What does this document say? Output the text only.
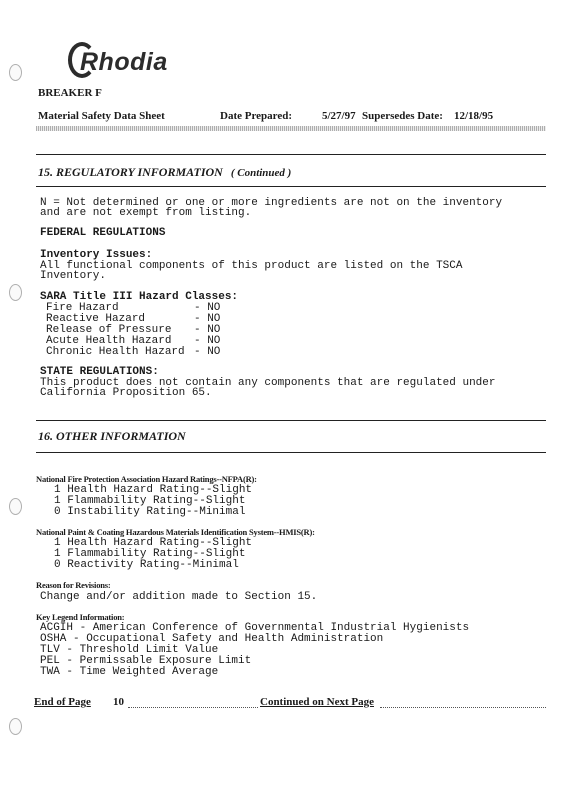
Rhodia
BREAKER F
Material Safety Data Sheet	Date Prepared:	5/27/97 Supersedes Date: 12/18/95
15. REGULATORY INFORMATION ( Continued )
N = Not determined or one or more ingredients are not on the inventory
and are not exempt from listing.
FEDERAL REGULATIONS
Inventory Issues:
All functional components of this product are listed on the TSCA
Inventory.
SARA Title III Hazard Classes:
Fire Hazard	- NO
Reactive Hazard	- NO
Release of Pressure - NO
Acute Health Hazard - NO
Chronic Health Hazard - NO
STATE REGULATIONS:
This product does not contain any components that are regulated under
California Proposition 65.
16. OTHER INFORMATION
National Fire Protection Association Hazard Ratings--NFPA(R):
1 Health Hazard Rating--Slight
1 Flammability Rating--Slight
0 Instability Rating--Minimal
National Paint & Coating Hazardous Materials Identification System--HMIS(R):
1 Health Hazard Rating--Slight
1 Flammability Rating--Slight
0 Reactivity Rating--Minimal
Reason for Revisions:
Change and/or addition made to Section 15.
Key Legend Information:
ACGIH - American Conference of Governmental Industrial Hygienists
OSHA - Occupational Safety and Health Administration
TLV - Threshold Limit Value
PEL - Permissable Exposure Limit
TWA - Time Weighted Average
End of Page 10	Continued on Next Page
